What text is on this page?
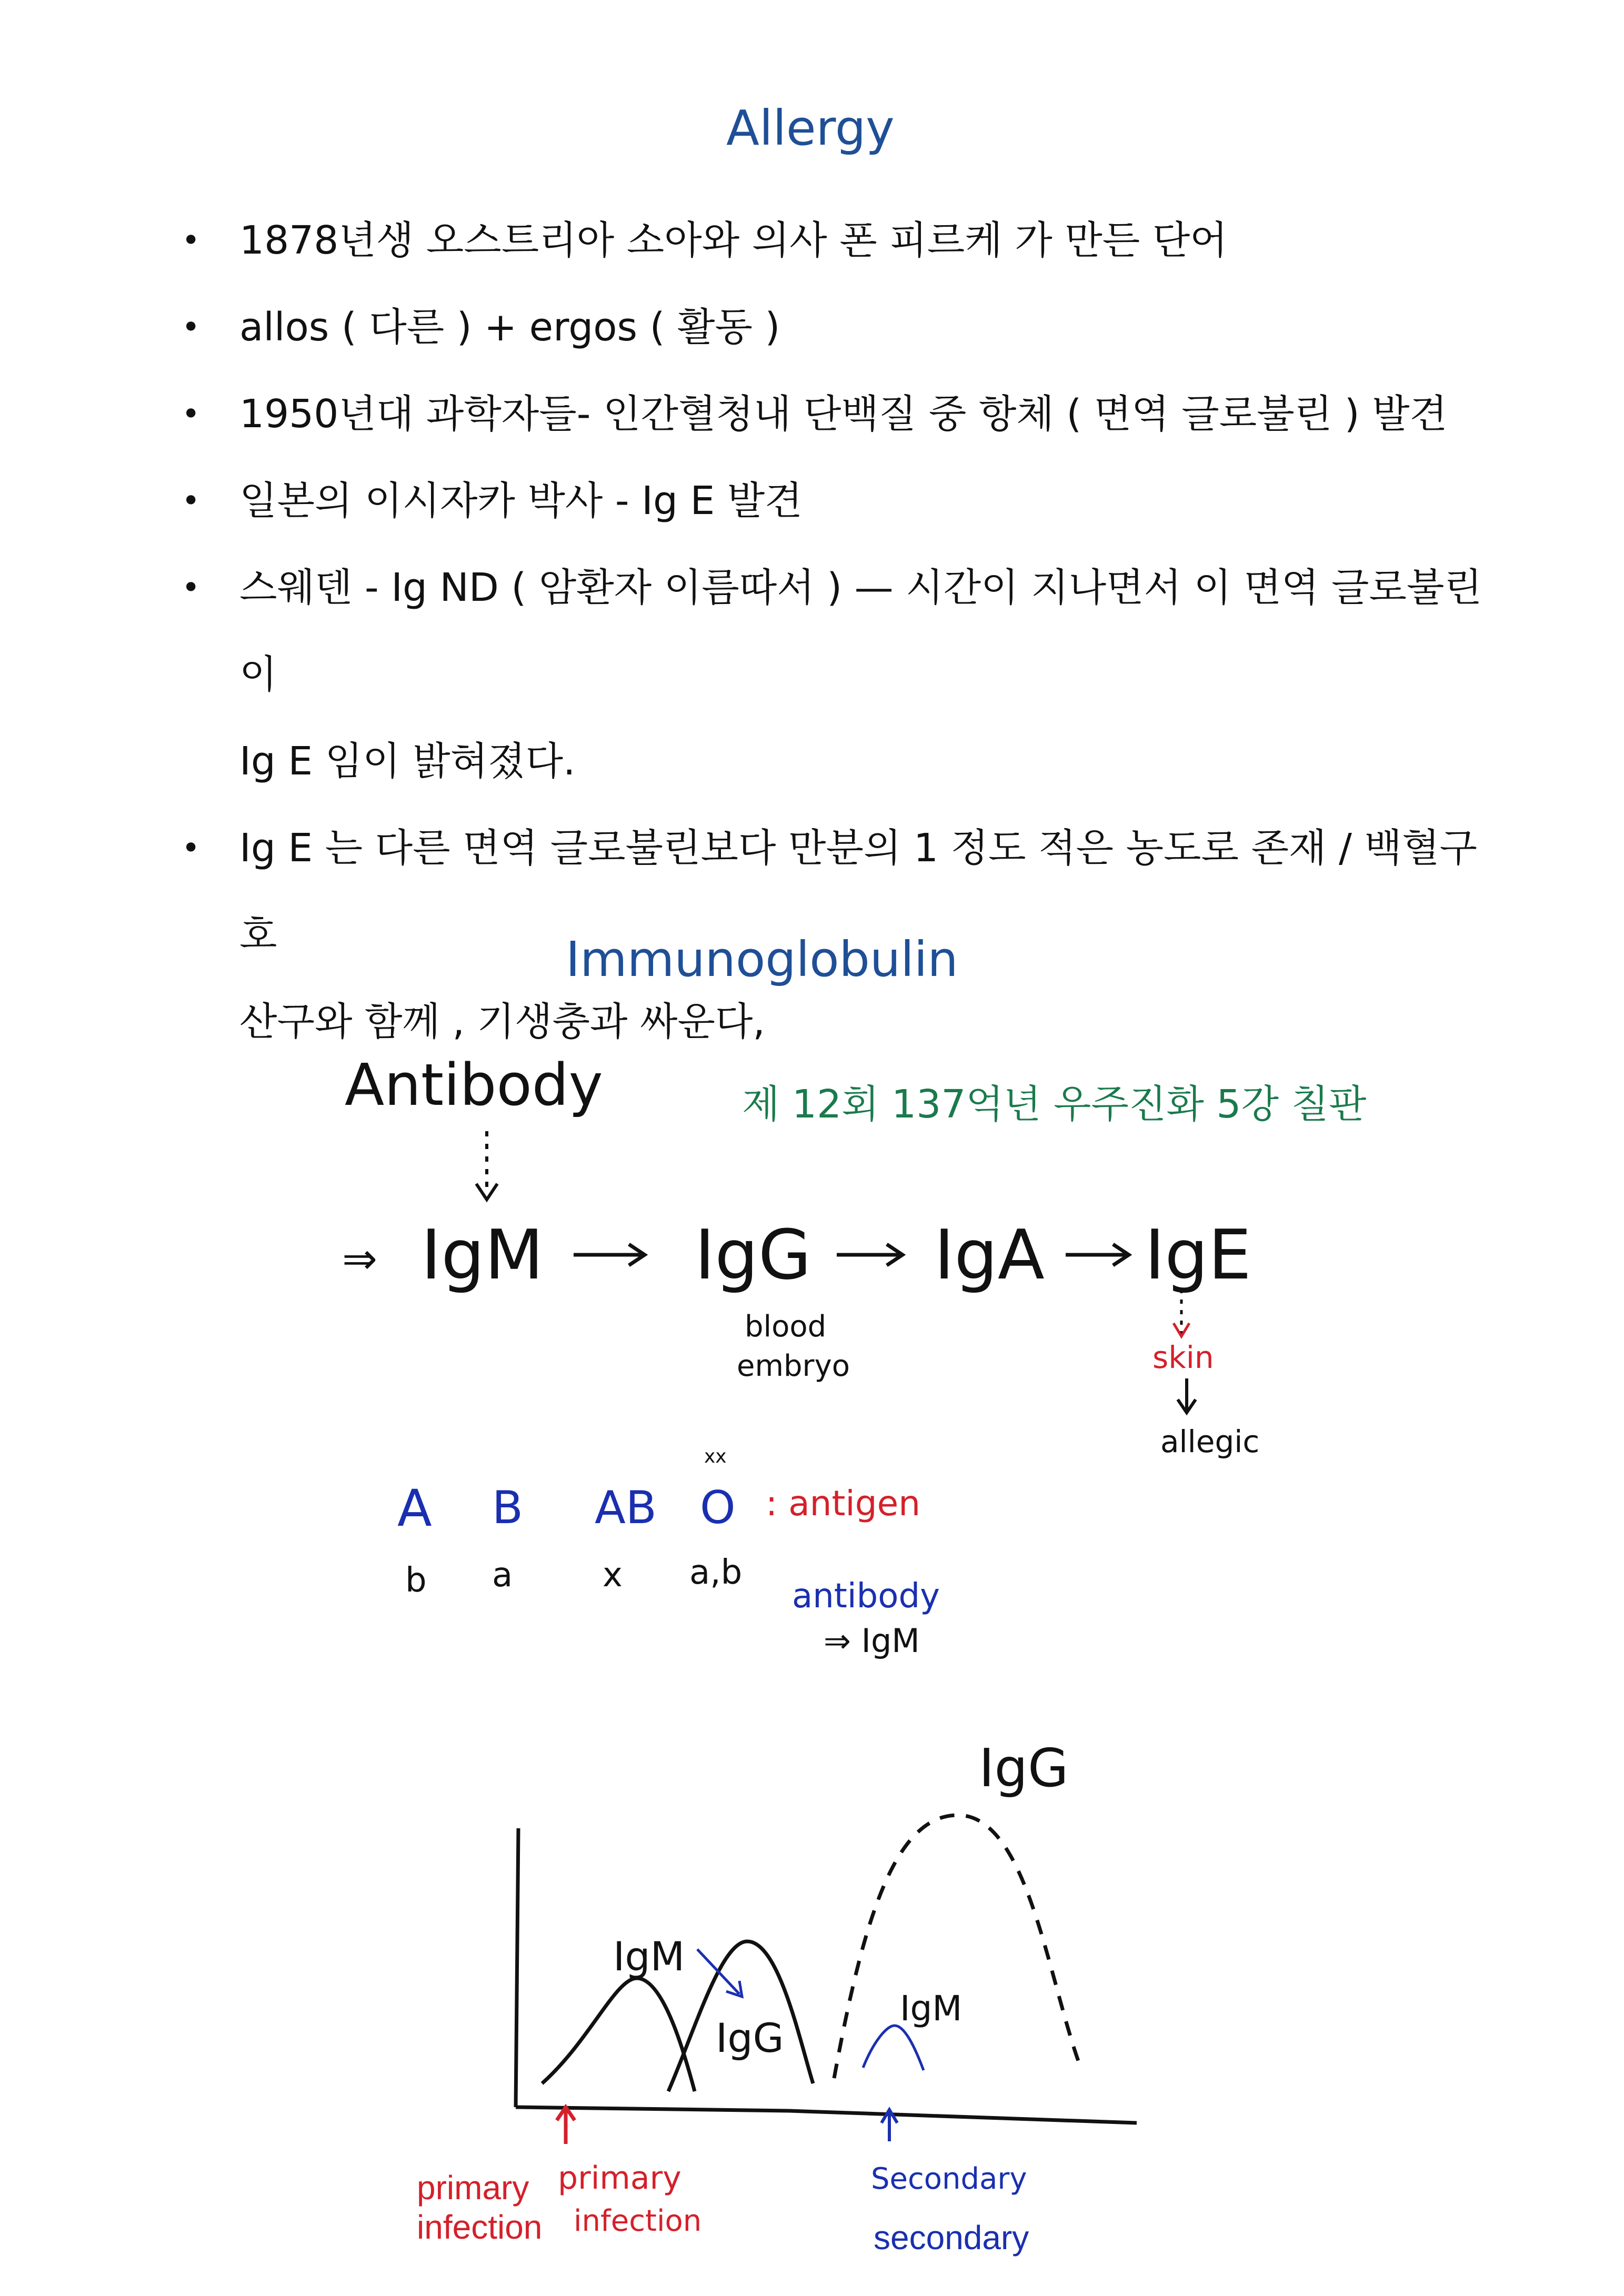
Allergy
• 1878년생 오스트리아 소아와 의사 폰 피르케 가 만든 단어
• allos ( 다른 ) + ergos ( 활동 )
• 1950년대 과학자들- 인간혈청내 단백질 중 항체 ( 면역 글로불린 ) 발견
• 일본의 이시자카 박사 - Ig E 발견
• 스웨덴 - Ig ND ( 암환자 이름따서 ) — 시간이 지나면서 이 면역 글로불린이
Ig E 임이 밝혀졌다.
• Ig E 는 다른 면역 글로불린보다 만분의 1 정도 적은 농도로 존재 / 백혈구 호
산구와 함께 , 기생충과 싸운다,
Immunoglobulin
제 12회 137억년 우주진화 5강 칠판
Antibody
⇒ IgM IgG IgA IgE
blood
embryo	skin
allegic
A B AB O
xx
: antigen
b a	x a,b
antibody
⇒ IgM
IgG
IgM
IgG
IgM
primary
infection
Secondary
primary
infection	secondary
